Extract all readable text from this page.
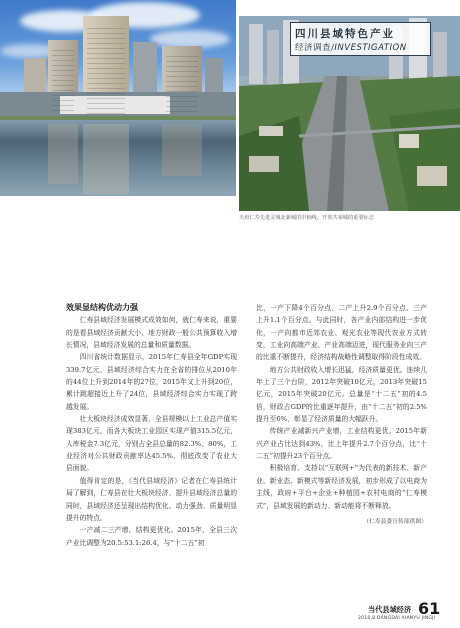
四川县域特色产业
经济调查/INVESTIGATION
天府仁寿先进灵城北新城的中轴线，开放共荣城的重要标志

效果显结构优动力强

仁寿县域经济发展模式成效如何，就仁寿来说，重要的是看县域经济贡献大小、地方财政一般公共预算收入增长情况，县域经济发展的总量和质量数据。

四川省统计数据显示，2015年仁寿县全年GDP实现339.7亿元，县域经济综合实力在全省的排位从2010年的44位上升到2014年的27位，2015年又上升到20位，累计跳超接近上升了24位，县域经济综合实力实现了跨越发展。

壮大板块经济成效显著，全县规模以上工业总产值实现383亿元，而各大板块工业园区实现产值315.5亿元，人库税金7.3亿元，分别占全县总量的82.3%、80%，工业经济对公共财政贡献率达45.5%，彻底改变了农业大县面貌。

值得肯定的是，《当代县域经济》记者在仁寿县统计局了解到，仁寿县在壮大板块经济、提升县域经济总量的同时，县域经济还呈现出结构优化、动力强劲、质量明显提升的特点。

一产减二三产增，结构更优化。2015年，全县三次产业比调整为20.5:53.1:26.4，与“十二五”初

比，一产下降4个百分点、二产上升2.9个百分点、三产上升1.1个百分点。与此同时，各产业内部结构进一步优化，一产向都市近郊农业、观光农业等现代农业方式转变，工业向高端产业、产业高端迈进，现代服务业向三产的比重不断提升，经济结构战略性调整取得阶段性成效。

地方公共财政收入增长迅猛，经济质量更优。连续几年上了三个台阶，2012年突破10亿元，2013年突破15亿元，2015年突破20亿元。总量是“十二五”初的4.5倍，财政占GDP的比重逐年提升，由“十二五”初的2.5%提升至6%，彰显了经济质量的大幅跃升。

传统产业减新兴产业增，工业结构更优。2015年新兴产业占比达到43%，比上年提升2.7个百分点，比“十二五”初提升23个百分点。

积极培育、支持以“互联网+”为代表的新技术、新产业、新业态、新模式等新经济发展，初步形成了以电商为主线，政府+平台+企业+种植园+农村电商的“仁寿模式”，县域发展的新动力、新动能将不断释放。

（仁寿县委宣传部供图）

当代县域经济
2016.8 DANGDAI XIANYU JINGJI
61
